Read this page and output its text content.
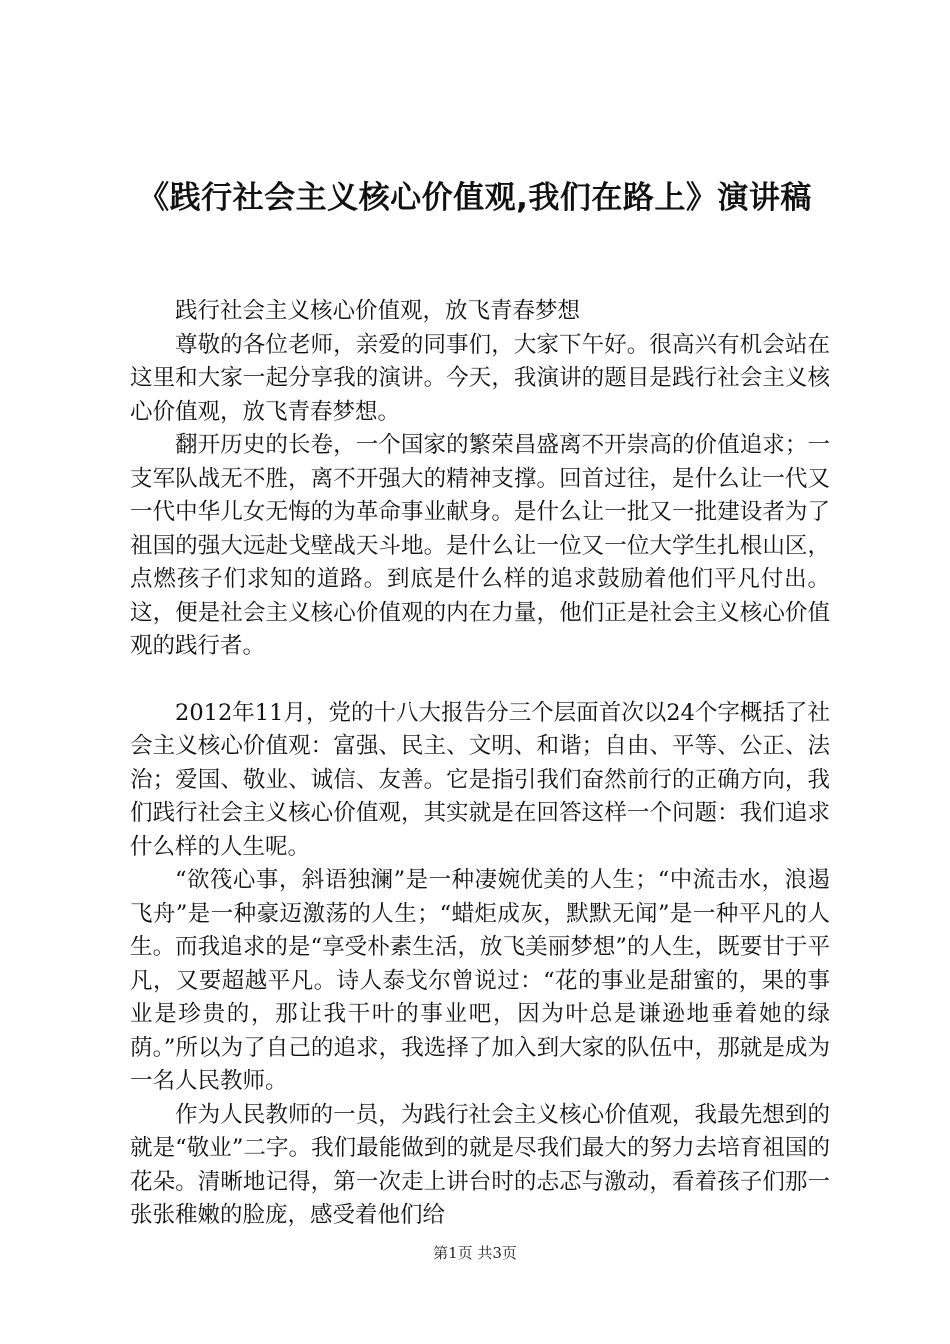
《践行社会主义核心价值观,我们在路上》演讲稿

践行社会主义核心价值观，放飞青春梦想

尊敬的各位老师，亲爱的同事们，大家下午好。很高兴有机会站在这里和大家一起分享我的演讲。今天，我演讲的题目是践行社会主义核心价值观，放飞青春梦想。

翻开历史的长卷，一个国家的繁荣昌盛离不开崇高的价值追求；一支军队战无不胜，离不开强大的精神支撑。回首过往，是什么让一代又一代中华儿女无悔的为革命事业献身。是什么让一批又一批建设者为了祖国的强大远赴戈壁战天斗地。是什么让一位又一位大学生扎根山区，点燃孩子们求知的道路。到底是什么样的追求鼓励着他们平凡付出。这，便是社会主义核心价值观的内在力量，他们正是社会主义核心价值观的践行者。

2012年11月，党的十八大报告分三个层面首次以24个字概括了社会主义核心价值观：富强、民主、文明、和谐；自由、平等、公正、法治；爱国、敬业、诚信、友善。它是指引我们奋然前行的正确方向，我们践行社会主义核心价值观，其实就是在回答这样一个问题：我们追求什么样的人生呢。

“欲筏心事，斜语独澜”是一种凄婉优美的人生；“中流击水，浪遏飞舟”是一种豪迈激荡的人生；“蜡炬成灰，默默无闻”是一种平凡的人生。而我追求的是“享受朴素生活，放飞美丽梦想”的人生，既要甘于平凡，又要超越平凡。诗人泰戈尔曾说过：“花的事业是甜蜜的，果的事业是珍贵的，那让我干叶的事业吧，因为叶总是谦逊地垂着她的绿荫。”所以为了自己的追求，我选择了加入到大家的队伍中，那就是成为一名人民教师。

作为人民教师的一员，为践行社会主义核心价值观，我最先想到的就是“敬业”二字。我们最能做到的就是尽我们最大的努力去培育祖国的花朵。清晰地记得，第一次走上讲台时的忐忑与激动，看着孩子们那一张张稚嫩的脸庞，感受着他们给

第1页 共3页
